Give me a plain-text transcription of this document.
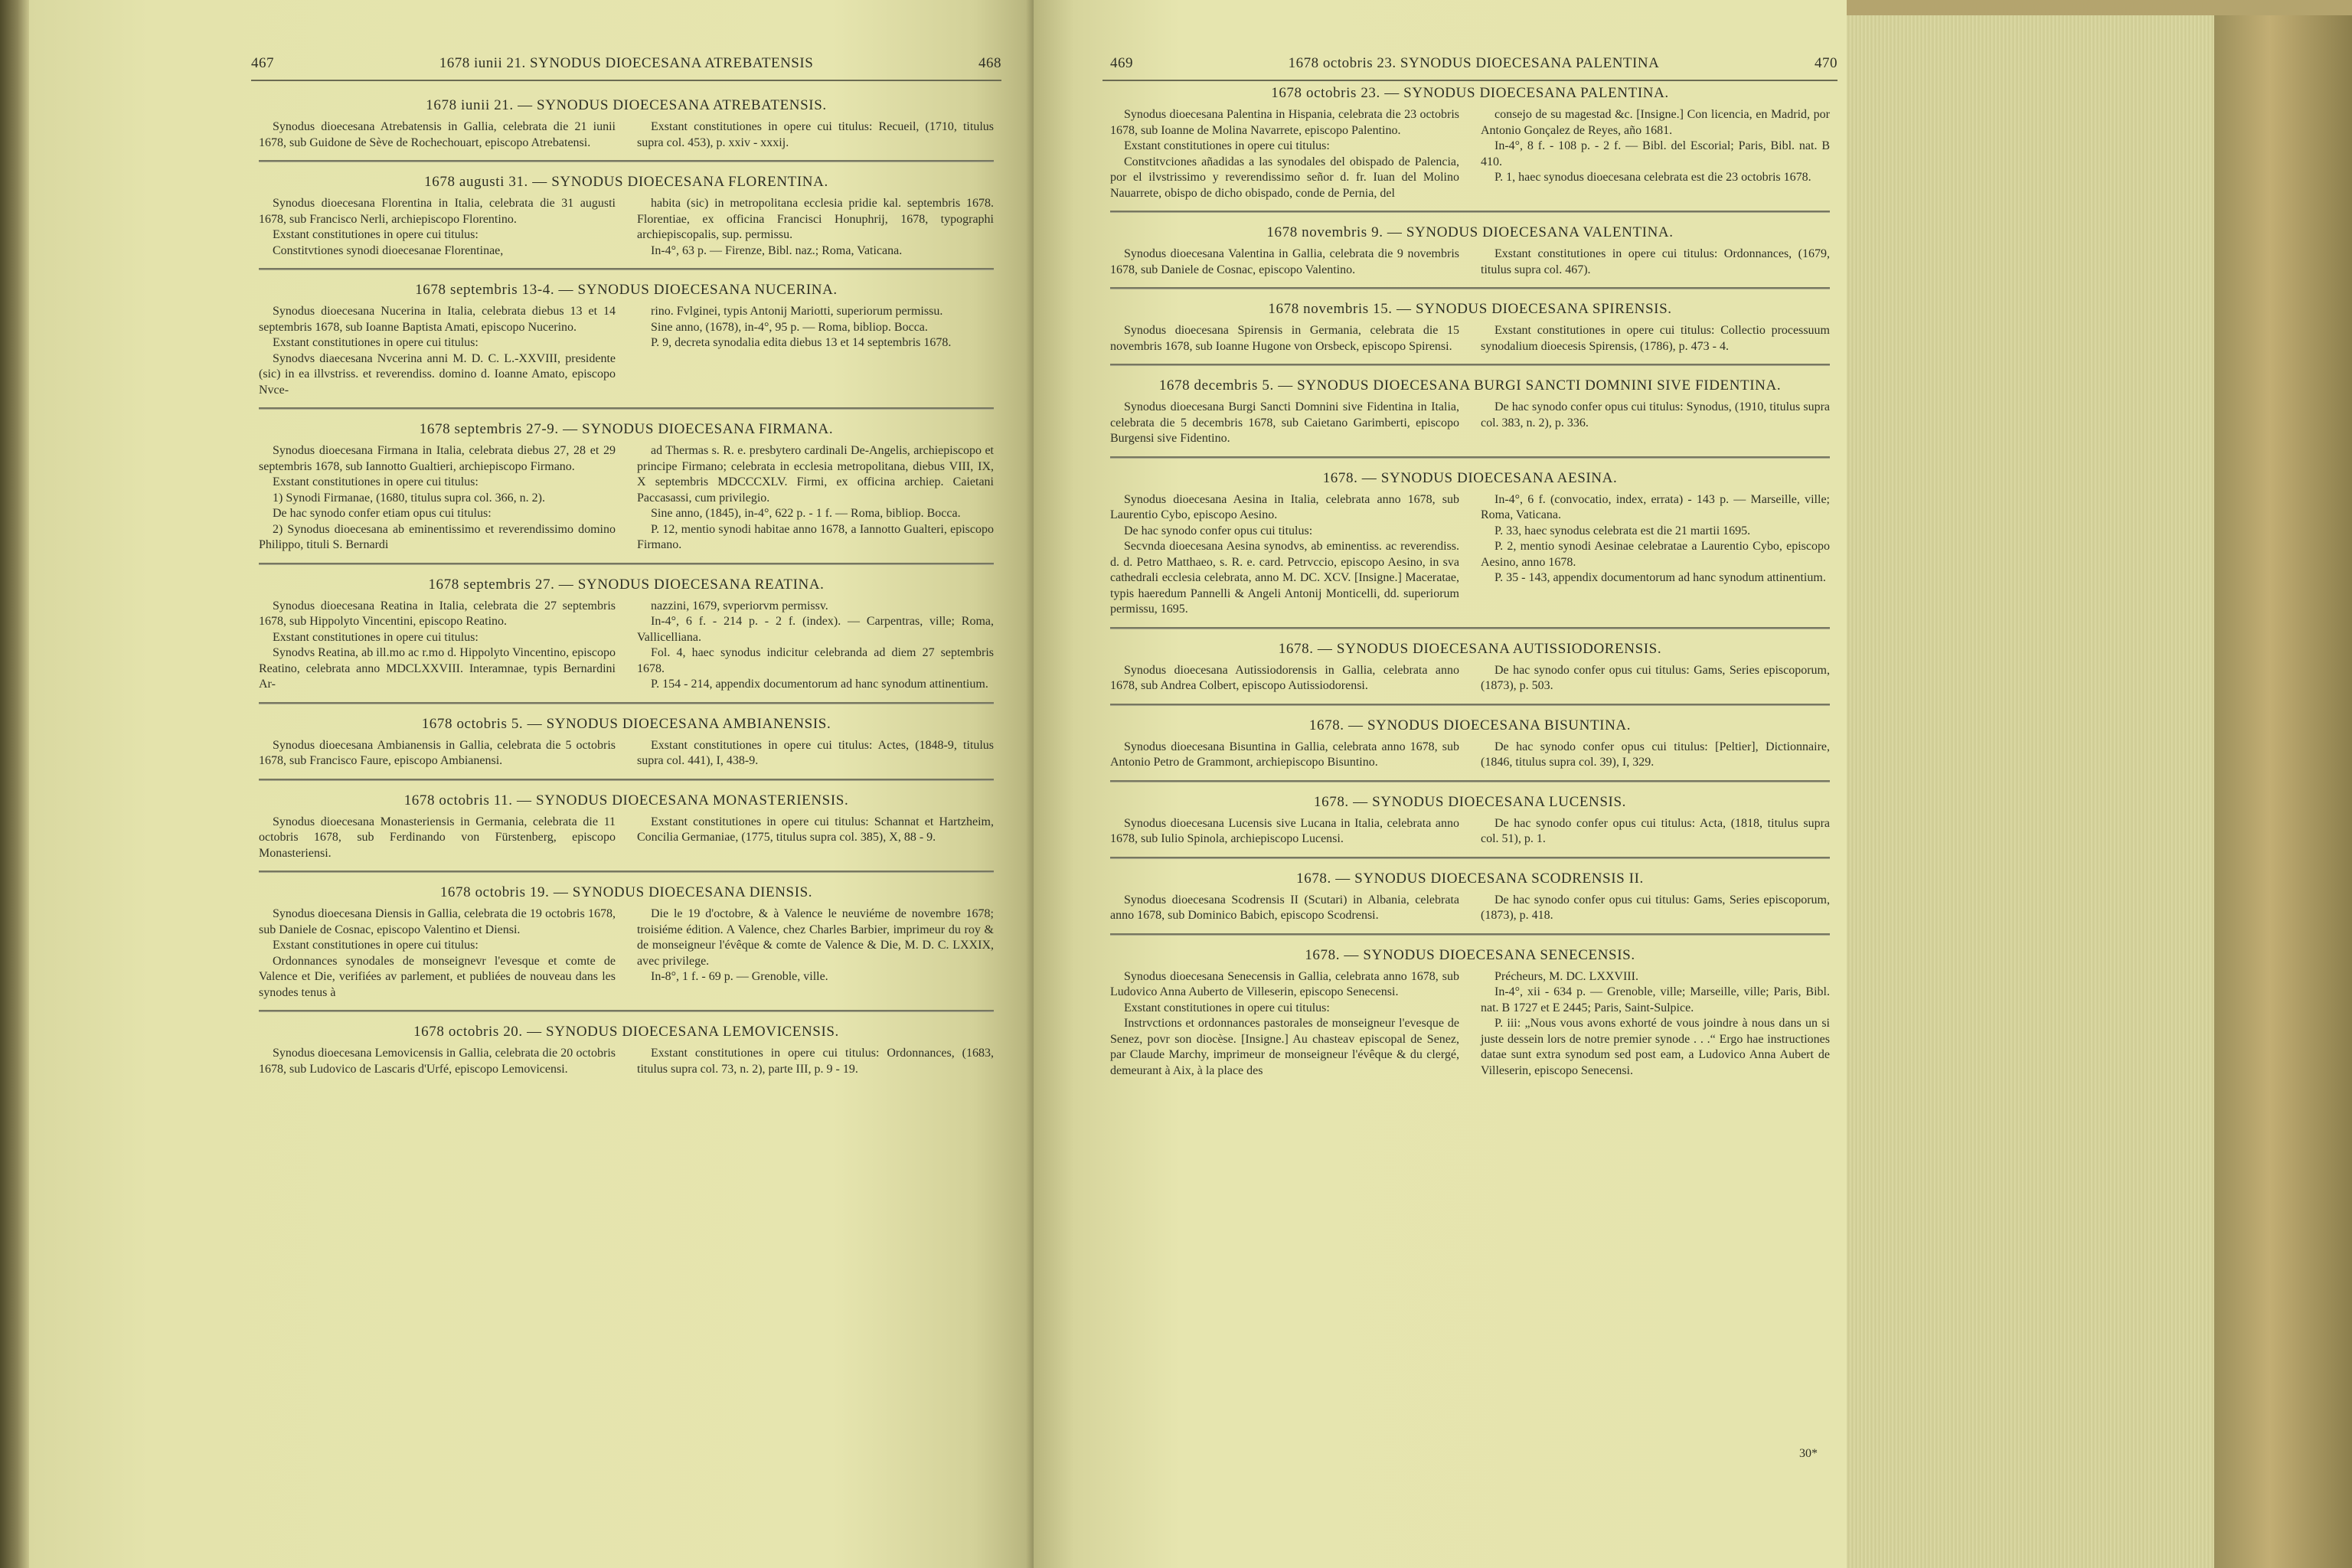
467	1678 iunii 21. SYNODUS DIOECESANA ATREBATENSIS	468
1678 iunii 21. — SYNODUS DIOECESANA ATREBATENSIS.

Synodus dioecesana Atrebatensis in Gallia, celebrata die 21 iunii 1678, sub Guidone de Sève de Rochechouart, episcopo Atrebatensi.

Exstant constitutiones in opere cui titulus: Recueil, (1710, titulus supra col. 453), p. xxiv - xxxij.

1678 augusti 31. — SYNODUS DIOECESANA FLORENTINA.

Synodus dioecesana Florentina in Italia, celebrata die 31 augusti 1678, sub Francisco Nerli, archiepiscopo Florentino.

Exstant constitutiones in opere cui titulus:

Constitvtiones synodi dioecesanae Florentinae,

habita (sic) in metropolitana ecclesia pridie kal. septembris 1678. Florentiae, ex officina Francisci Honuphrij, 1678, typographi archiepiscopalis, sup. permissu.

In-4°, 63 p. — Firenze, Bibl. naz.; Roma, Vaticana.

1678 septembris 13-4. — SYNODUS DIOECESANA NUCERINA.

Synodus dioecesana Nucerina in Italia, celebrata diebus 13 et 14 septembris 1678, sub Ioanne Baptista Amati, episcopo Nucerino.

Exstant constitutiones in opere cui titulus:

Synodvs diaecesana Nvcerina anni M. D. C. L.-XXVIII, presidente (sic) in ea illvstriss. et reverendiss. domino d. Ioanne Amato, episcopo Nvce-

rino. Fvlginei, typis Antonij Mariotti, superiorum permissu.

Sine anno, (1678), in-4°, 95 p. — Roma, bibliop. Bocca.

P. 9, decreta synodalia edita diebus 13 et 14 septembris 1678.

1678 septembris 27-9. — SYNODUS DIOECESANA FIRMANA.

Synodus dioecesana Firmana in Italia, celebrata diebus 27, 28 et 29 septembris 1678, sub Iannotto Gualtieri, archiepiscopo Firmano.

Exstant constitutiones in opere cui titulus:

1) Synodi Firmanae, (1680, titulus supra col. 366, n. 2).

De hac synodo confer etiam opus cui titulus:

2) Synodus dioecesana ab eminentissimo et reverendissimo domino Philippo, tituli S. Bernardi

ad Thermas s. R. e. presbytero cardinali De-Angelis, archiepiscopo et principe Firmano; celebrata in ecclesia metropolitana, diebus VIII, IX, X septembris MDCCCXLV. Firmi, ex officina archiep. Caietani Paccasassi, cum privilegio.

Sine anno, (1845), in-4°, 622 p. - 1 f. — Roma, bibliop. Bocca.

P. 12, mentio synodi habitae anno 1678, a Iannotto Gualteri, episcopo Firmano.

1678 septembris 27. — SYNODUS DIOECESANA REATINA.

Synodus dioecesana Reatina in Italia, celebrata die 27 septembris 1678, sub Hippolyto Vincentini, episcopo Reatino.

Exstant constitutiones in opere cui titulus:

Synodvs Reatina, ab ill.mo ac r.mo d. Hippolyto Vincentino, episcopo Reatino, celebrata anno MDCLXXVIII. Interamnae, typis Bernardini Ar-

nazzini, 1679, svperiorvm permissv.

In-4°, 6 f. - 214 p. - 2 f. (index). — Carpentras, ville; Roma, Vallicelliana.

Fol. 4, haec synodus indicitur celebranda ad diem 27 septembris 1678.

P. 154 - 214, appendix documentorum ad hanc synodum attinentium.

1678 octobris 5. — SYNODUS DIOECESANA AMBIANENSIS.

Synodus dioecesana Ambianensis in Gallia, celebrata die 5 octobris 1678, sub Francisco Faure, episcopo Ambianensi.

Exstant constitutiones in opere cui titulus: Actes, (1848-9, titulus supra col. 441), I, 438-9.

1678 octobris 11. — SYNODUS DIOECESANA MONASTERIENSIS.

Synodus dioecesana Monasteriensis in Germania, celebrata die 11 octobris 1678, sub Ferdinando von Fürstenberg, episcopo Monasteriensi.

Exstant constitutiones in opere cui titulus: Schannat et Hartzheim, Concilia Germaniae, (1775, titulus supra col. 385), X, 88 - 9.

1678 octobris 19. — SYNODUS DIOECESANA DIENSIS.

Synodus dioecesana Diensis in Gallia, celebrata die 19 octobris 1678, sub Daniele de Cosnac, episcopo Valentino et Diensi.

Exstant constitutiones in opere cui titulus:

Ordonnances synodales de monseignevr l'evesque et comte de Valence et Die, verifiées av parlement, et publiées de nouveau dans les synodes tenus à

Die le 19 d'octobre, & à Valence le neuviéme de novembre 1678; troisiéme édition. A Valence, chez Charles Barbier, imprimeur du roy & de monseigneur l'évêque & comte de Valence & Die, M. D. C. LXXIX, avec privilege.

In-8°, 1 f. - 69 p. — Grenoble, ville.

1678 octobris 20. — SYNODUS DIOECESANA LEMOVICENSIS.

Synodus dioecesana Lemovicensis in Gallia, celebrata die 20 octobris 1678, sub Ludovico de Lascaris d'Urfé, episcopo Lemovicensi.

Exstant constitutiones in opere cui titulus: Ordonnances, (1683, titulus supra col. 73, n. 2), parte III, p. 9 - 19.

469	1678 octobris 23. SYNODUS DIOECESANA PALENTINA	470
1678 octobris 23. — SYNODUS DIOECESANA PALENTINA.

Synodus dioecesana Palentina in Hispania, celebrata die 23 octobris 1678, sub Ioanne de Molina Navarrete, episcopo Palentino.

Exstant constitutiones in opere cui titulus:

Constitvciones añadidas a las synodales del obispado de Palencia, por el ilvstrissimo y reverendissimo señor d. fr. Iuan del Molino Nauarrete, obispo de dicho obispado, conde de Pernia, del

consejo de su magestad &c. [Insigne.] Con licencia, en Madrid, por Antonio Gonçalez de Reyes, año 1681.

In-4°, 8 f. - 108 p. - 2 f. — Bibl. del Escorial; Paris, Bibl. nat. B 410.

P. 1, haec synodus dioecesana celebrata est die 23 octobris 1678.

1678 novembris 9. — SYNODUS DIOECESANA VALENTINA.

Synodus dioecesana Valentina in Gallia, celebrata die 9 novembris 1678, sub Daniele de Cosnac, episcopo Valentino.

Exstant constitutiones in opere cui titulus: Ordonnances, (1679, titulus supra col. 467).

1678 novembris 15. — SYNODUS DIOECESANA SPIRENSIS.

Synodus dioecesana Spirensis in Germania, celebrata die 15 novembris 1678, sub Ioanne Hugone von Orsbeck, episcopo Spirensi.

Exstant constitutiones in opere cui titulus: Collectio processuum synodalium dioecesis Spirensis, (1786), p. 473 - 4.

1678 decembris 5. — SYNODUS DIOECESANA BURGI SANCTI DOMNINI SIVE FIDENTINA.

Synodus dioecesana Burgi Sancti Domnini sive Fidentina in Italia, celebrata die 5 decembris 1678, sub Caietano Garimberti, episcopo Burgensi sive Fidentino.

De hac synodo confer opus cui titulus: Synodus, (1910, titulus supra col. 383, n. 2), p. 336.

1678. — SYNODUS DIOECESANA AESINA.

Synodus dioecesana Aesina in Italia, celebrata anno 1678, sub Laurentio Cybo, episcopo Aesino.

De hac synodo confer opus cui titulus:

Secvnda dioecesana Aesina synodvs, ab eminentiss. ac reverendiss. d. d. Petro Matthaeo, s. R. e. card. Petrvccio, episcopo Aesino, in sva cathedrali ecclesia celebrata, anno M. DC. XCV. [Insigne.] Maceratae, typis haeredum Pannelli & Angeli Antonij Monticelli, dd. superiorum permissu, 1695.

In-4°, 6 f. (convocatio, index, errata) - 143 p. — Marseille, ville; Roma, Vaticana.

P. 33, haec synodus celebrata est die 21 martii 1695.

P. 2, mentio synodi Aesinae celebratae a Laurentio Cybo, episcopo Aesino, anno 1678.

P. 35 - 143, appendix documentorum ad hanc synodum attinentium.

1678. — SYNODUS DIOECESANA AUTISSIODORENSIS.

Synodus dioecesana Autissiodorensis in Gallia, celebrata anno 1678, sub Andrea Colbert, episcopo Autissiodorensi.

De hac synodo confer opus cui titulus: Gams, Series episcoporum, (1873), p. 503.

1678. — SYNODUS DIOECESANA BISUNTINA.

Synodus dioecesana Bisuntina in Gallia, celebrata anno 1678, sub Antonio Petro de Grammont, archiepiscopo Bisuntino.

De hac synodo confer opus cui titulus: [Peltier], Dictionnaire, (1846, titulus supra col. 39), I, 329.

1678. — SYNODUS DIOECESANA LUCENSIS.

Synodus dioecesana Lucensis sive Lucana in Italia, celebrata anno 1678, sub Iulio Spinola, archiepiscopo Lucensi.

De hac synodo confer opus cui titulus: Acta, (1818, titulus supra col. 51), p. 1.

1678. — SYNODUS DIOECESANA SCODRENSIS II.

Synodus dioecesana Scodrensis II (Scutari) in Albania, celebrata anno 1678, sub Dominico Babich, episcopo Scodrensi.

De hac synodo confer opus cui titulus: Gams, Series episcoporum, (1873), p. 418.

1678. — SYNODUS DIOECESANA SENECENSIS.

Synodus dioecesana Senecensis in Gallia, celebrata anno 1678, sub Ludovico Anna Auberto de Villeserin, episcopo Senecensi.

Exstant constitutiones in opere cui titulus:

Instrvctions et ordonnances pastorales de monseigneur l'evesque de Senez, povr son diocèse. [Insigne.] Au chasteav episcopal de Senez, par Claude Marchy, imprimeur de monseigneur l'évêque & du clergé, demeurant à Aix, à la place des

Précheurs, M. DC. LXXVIII.

In-4°, xii - 634 p. — Grenoble, ville; Marseille, ville; Paris, Bibl. nat. B 1727 et E 2445; Paris, Saint-Sulpice.

P. iii: „Nous vous avons exhorté de vous joindre à nous dans un si juste dessein lors de notre premier synode . . .“ Ergo hae instructiones datae sunt extra synodum sed post eam, a Ludovico Anna Aubert de Villeserin, episcopo Senecensi.

30*
